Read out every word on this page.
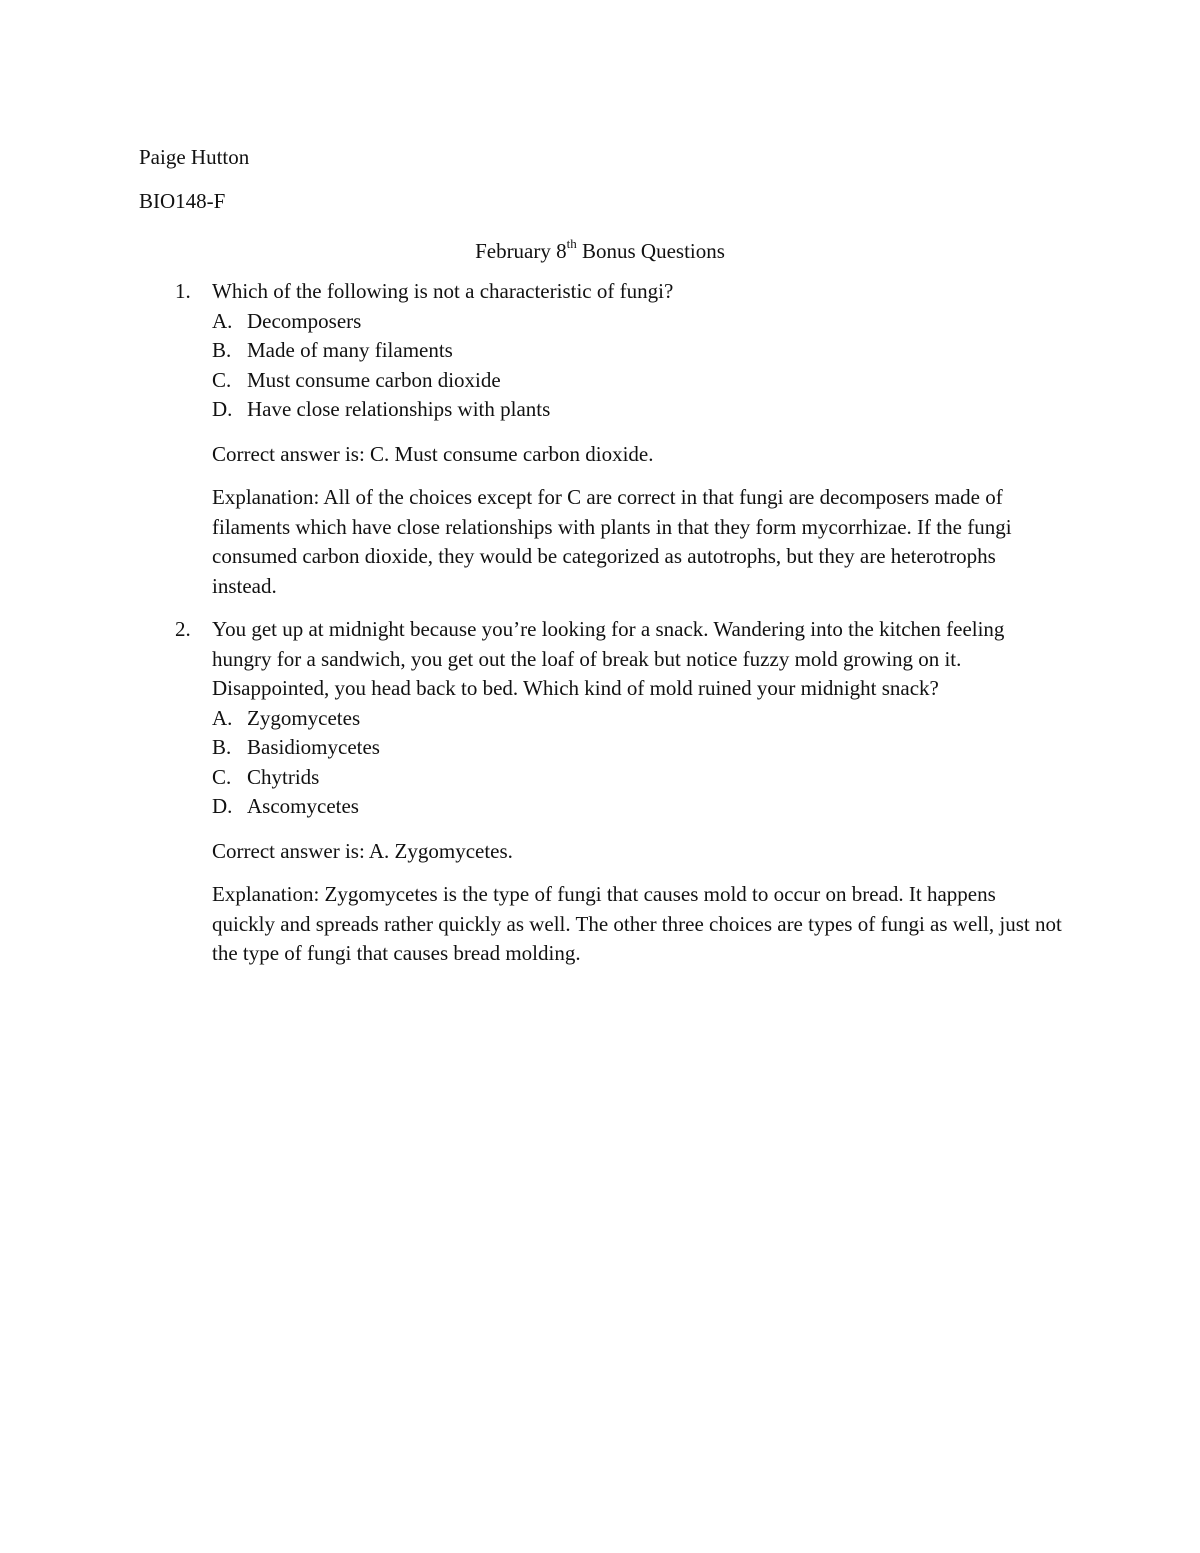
Paige Hutton
BIO148-F
February 8th Bonus Questions
1. Which of the following is not a characteristic of fungi?

A. Decomposers
B. Made of many filaments
C. Must consume carbon dioxide
D. Have close relationships with plants

Correct answer is: C. Must consume carbon dioxide.

Explanation: All of the choices except for C are correct in that fungi are decomposers made of filaments which have close relationships with plants in that they form mycorrhizae. If the fungi consumed carbon dioxide, they would be categorized as autotrophs, but they are heterotrophs instead.

2. You get up at midnight because you’re looking for a snack. Wandering into the kitchen feeling hungry for a sandwich, you get out the loaf of break but notice fuzzy mold growing on it. Disappointed, you head back to bed. Which kind of mold ruined your midnight snack?

A. Zygomycetes
B. Basidiomycetes
C. Chytrids
D. Ascomycetes

Correct answer is: A. Zygomycetes.

Explanation: Zygomycetes is the type of fungi that causes mold to occur on bread. It happens quickly and spreads rather quickly as well. The other three choices are types of fungi as well, just not the type of fungi that causes bread molding.
